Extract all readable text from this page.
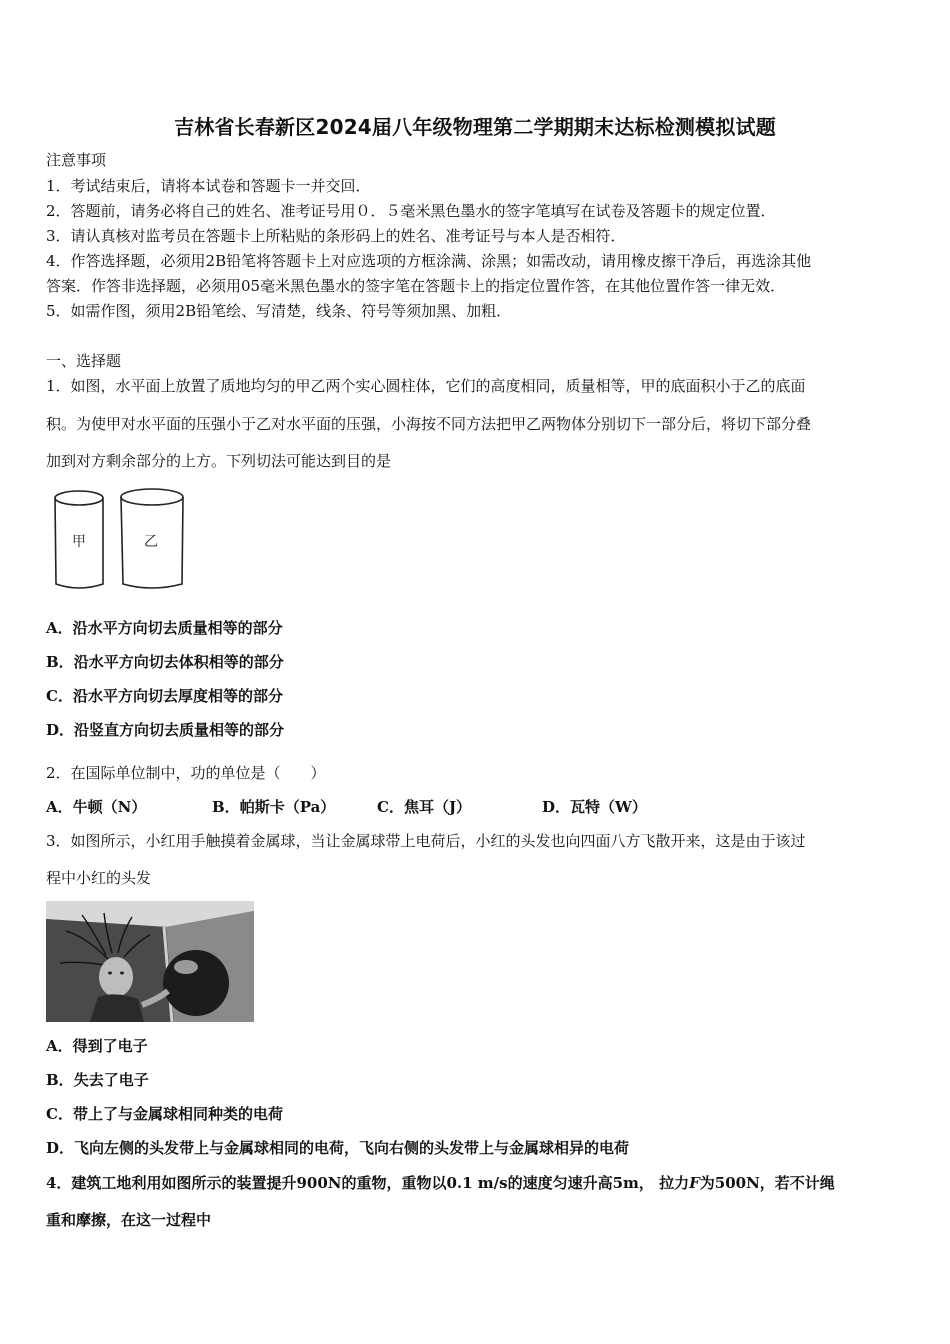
吉林省长春新区2024届八年级物理第二学期期末达标检测模拟试题
注意事项
1．考试结束后，请将本试卷和答题卡一并交回．
2．答题前，请务必将自己的姓名、准考证号用０．５毫米黑色墨水的签字笔填写在试卷及答题卡的规定位置．
3．请认真核对监考员在答题卡上所粘贴的条形码上的姓名、准考证号与本人是否相符．
4．作答选择题，必须用2B铅笔将答题卡上对应选项的方框涂满、涂黑；如需改动，请用橡皮擦干净后，再选涂其他
答案．作答非选择题，必须用05毫米黑色墨水的签字笔在答题卡上的指定位置作答，在其他位置作答一律无效．
5．如需作图，须用2B铅笔绘、写清楚，线条、符号等须加黑、加粗．
一、选择题
1．如图，水平面上放置了质地均匀的甲乙两个实心圆柱体，它们的高度相同，质量相等，甲的底面积小于乙的底面
积。为使甲对水平面的压强小于乙对水平面的压强，小海按不同方法把甲乙两物体分别切下一部分后，将切下部分叠
加到对方剩余部分的上方。下列切法可能达到目的是
甲	乙
A．沿水平方向切去质量相等的部分
B．沿水平方向切去体积相等的部分
C．沿水平方向切去厚度相等的部分
D．沿竖直方向切去质量相等的部分
2．在国际单位制中，功的单位是（　　）
A．牛顿（N）	B．帕斯卡（Pa）	C．焦耳（J）	D．瓦特（W）
3．如图所示，小红用手触摸着金属球，当让金属球带上电荷后，小红的头发也向四面八方飞散开来，这是由于该过
程中小红的头发
A．得到了电子
B．失去了电子
C．带上了与金属球相同种类的电荷
D．飞向左侧的头发带上与金属球相同的电荷，飞向右侧的头发带上与金属球相异的电荷
4．建筑工地利用如图所示的装置提升900N的重物，重物以0.1 m/s的速度匀速升高5m， 拉力F为500N，若不计绳
重和摩擦，在这一过程中
